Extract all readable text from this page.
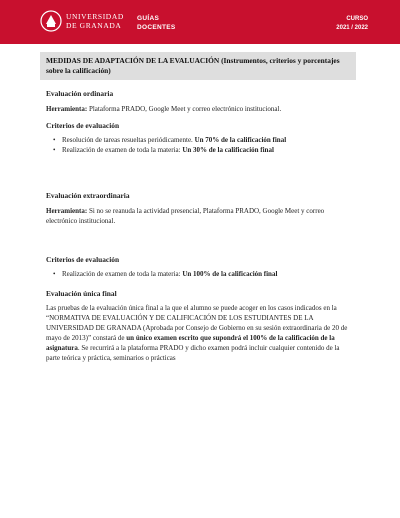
UNIVERSIDAD
DE GRANADA
GUÍAS
DOCENTES
CURSO
2021 / 2022
MEDIDAS DE ADAPTACIÓN DE LA EVALUACIÓN (Instrumentos, criterios y porcentajes sobre la calificación)

Evaluación ordinaria

Herramienta: Plataforma PRADO, Google Meet y correo electrónico institucional.

Criterios de evaluación

• Resolución de tareas resueltas periódicamente. Un 70% de la calificación final
• Realización de examen de toda la materia: Un 30% de la calificación final

Evaluación extraordinaria

Herramienta: Si no se reanuda la actividad presencial, Plataforma PRADO, Google Meet y correo electrónico institucional.

Criterios de evaluación

• Realización de examen de toda la materia: Un 100% de la calificación final

Evaluación única final

Las pruebas de la evaluación única final a la que el alumno se puede acoger en los casos indicados en la “NORMATIVA DE EVALUACIÓN Y DE CALIFICACIÓN DE LOS ESTUDIANTES DE LA UNIVERSIDAD DE GRANADA (Aprobada por Consejo de Gobierno en su sesión extraordinaria de 20 de mayo de 2013)” constará de un único examen escrito que supondrá el 100% de la calificación de la asignatura. Se recurrirá a la plataforma PRADO y dicho examen podrá incluir cualquier contenido de la parte teórica y práctica, seminarios o prácticas
